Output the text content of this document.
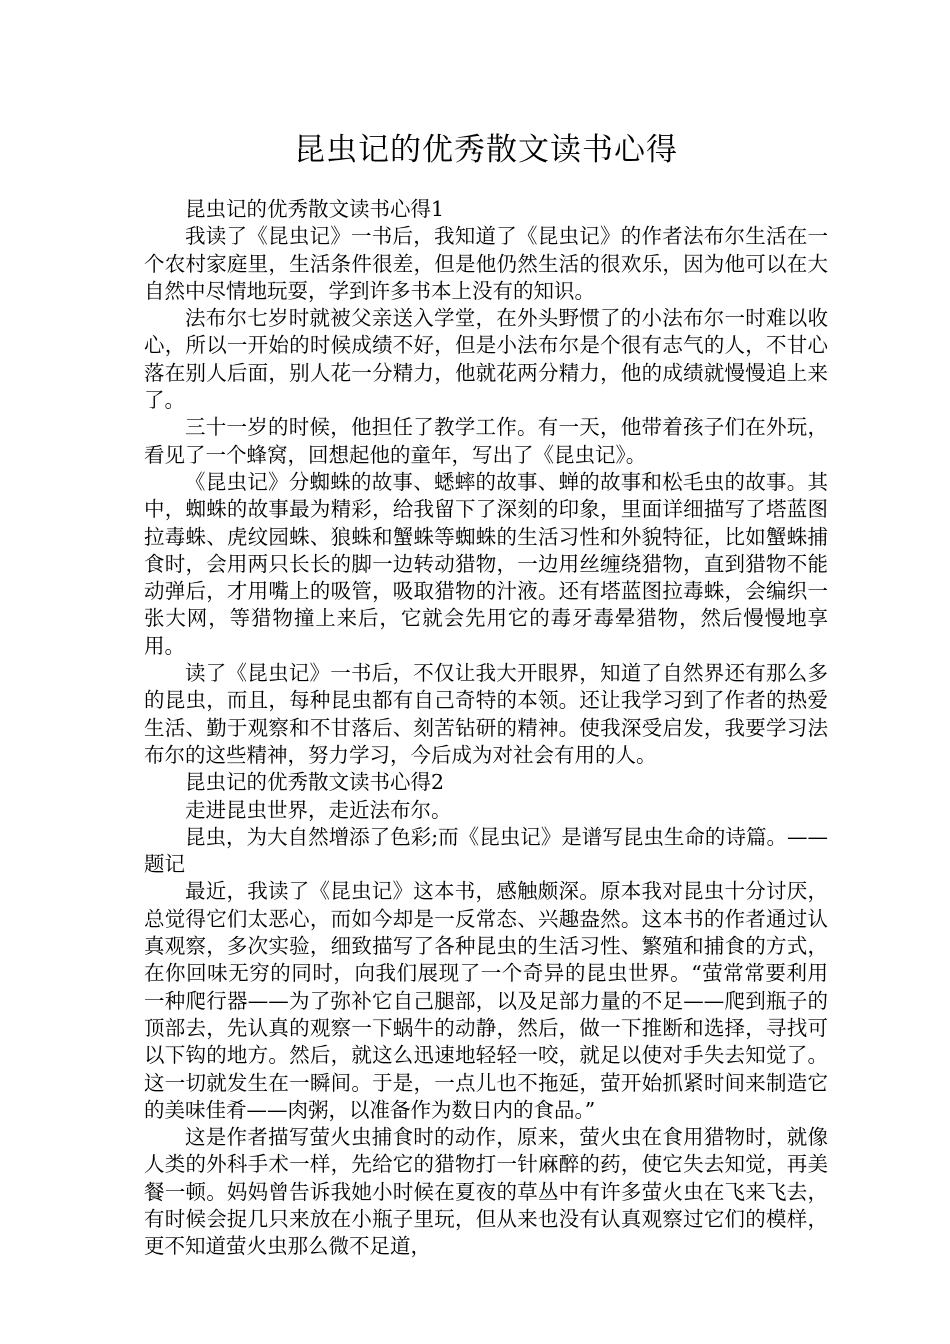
昆虫记的优秀散文读书心得

昆虫记的优秀散文读书心得1

我读了《昆虫记》一书后，我知道了《昆虫记》的作者法布尔生活在一个农村家庭里，生活条件很差，但是他仍然生活的很欢乐，因为他可以在大自然中尽情地玩耍，学到许多书本上没有的知识。

法布尔七岁时就被父亲送入学堂，在外头野惯了的小法布尔一时难以收心，所以一开始的时候成绩不好，但是小法布尔是个很有志气的人，不甘心落在别人后面，别人花一分精力，他就花两分精力，他的成绩就慢慢追上来了。

三十一岁的时候，他担任了教学工作。有一天，他带着孩子们在外玩，看见了一个蜂窝，回想起他的童年，写出了《昆虫记》。

《昆虫记》分蜘蛛的故事、蟋蟀的故事、蝉的故事和松毛虫的故事。其中，蜘蛛的故事最为精彩，给我留下了深刻的印象，里面详细描写了塔蓝图拉毒蛛、虎纹园蛛、狼蛛和蟹蛛等蜘蛛的生活习性和外貌特征，比如蟹蛛捕食时，会用两只长长的脚一边转动猎物，一边用丝缠绕猎物，直到猎物不能动弹后，才用嘴上的吸管，吸取猎物的汁液。还有塔蓝图拉毒蛛，会编织一张大网，等猎物撞上来后，它就会先用它的毒牙毒晕猎物，然后慢慢地享用。

读了《昆虫记》一书后，不仅让我大开眼界，知道了自然界还有那么多的昆虫，而且，每种昆虫都有自己奇特的本领。还让我学习到了作者的热爱生活、勤于观察和不甘落后、刻苦钻研的精神。使我深受启发，我要学习法布尔的这些精神，努力学习，今后成为对社会有用的人。

昆虫记的优秀散文读书心得2

走进昆虫世界，走近法布尔。

昆虫，为大自然增添了色彩;而《昆虫记》是谱写昆虫生命的诗篇。——题记

最近，我读了《昆虫记》这本书，感触颇深。原本我对昆虫十分讨厌，总觉得它们太恶心，而如今却是一反常态、兴趣盎然。这本书的作者通过认真观察，多次实验，细致描写了各种昆虫的生活习性、繁殖和捕食的方式，在你回味无穷的同时，向我们展现了一个奇异的昆虫世界。“萤常常要利用一种爬行器——为了弥补它自己腿部，以及足部力量的不足——爬到瓶子的顶部去，先认真的观察一下蜗牛的动静，然后，做一下推断和选择，寻找可以下钩的地方。然后，就这么迅速地轻轻一咬，就足以使对手失去知觉了。这一切就发生在一瞬间。于是，一点儿也不拖延，萤开始抓紧时间来制造它的美味佳肴——肉粥，以准备作为数日内的食品。”

这是作者描写萤火虫捕食时的动作，原来，萤火虫在食用猎物时，就像人类的外科手术一样，先给它的猎物打一针麻醉的药，使它失去知觉，再美餐一顿。妈妈曾告诉我她小时候在夏夜的草丛中有许多萤火虫在飞来飞去，有时候会捉几只来放在小瓶子里玩，但从来也没有认真观察过它们的模样，更不知道萤火虫那么微不足道，
